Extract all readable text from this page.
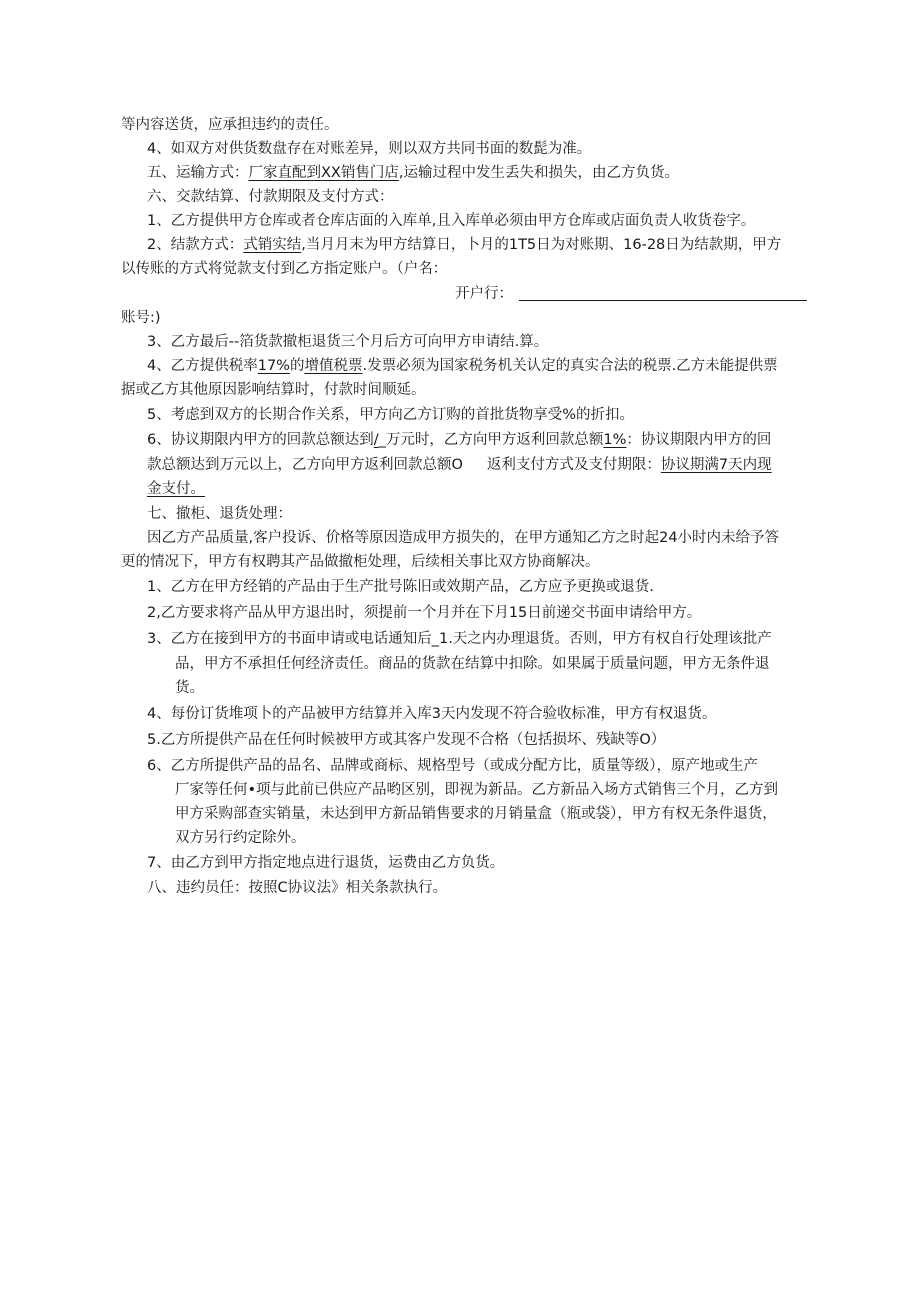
等内容送货，应承担违约的责任。
4、如双方对供货数盘存在对账差异，则以双方共同书面的数髭为准。
五、运输方式：厂家直配到XX销售门店,运输过程中发生丢失和损失，由乙方负货。
六、交款结算、付款期限及支付方式：
1、乙方提供甲方仓库或者仓库店面的入库单,且入库单必须由甲方仓库或店面负责人收货卷字。
2、结款方式：式销实结,当月月末为甲方结算日，卜月的1T5日为对账期、16-28日为结款期，甲方
以传账的方式将觉款支付到乙方指定账户。（户名：
开户行：
账号:)
3、乙方最后--箔货款撤柜退货三个月后方可向甲方申请结.算。
4、乙方提供税率17%的增值税票.发票必须为国家税务机关认定的真实合法的税票.乙方未能提供票
据或乙方其他原因影响结算时，付款时间顺延。
5、考虑到双方的长期合作关系，甲方向乙方订购的首批货物享受%的折扣。
6、协议期限内甲方的回款总额达到/_万元时，乙方向甲方返利回款总额1%：协议期限内甲方的回
款总额达到万元以上，乙方向甲方返利回款总额O 返利支付方式及支付期限：协议期满7天内现
金支付。
七、撤柜、退货处理：
因乙方产品质量,客户投诉、价格等原因造成甲方损失的，在甲方通知乙方之时起24小时内未给予答
更的情况下，甲方有权聘其产品做撤柜处理，后续相关事比双方协商解决。
1、乙方在甲方经销的产品由于生产批号陈旧或效期产品，乙方应予更换或退货.
2,乙方要求将产品从甲方退出时，须提前一个月并在下月15日前递交书面申请给甲方。
3、乙方在接到甲方的书面申请或电话通知后_1.天之内办理退货。否则，甲方有权自行处理该批产
品，甲方不承担任何经济责任。商品的货款在结算中扣除。如果属于质量问题，甲方无条件退
货。
4、每份订货堆项卜的产品被甲方结算并入库3天内发现不符合验收标准，甲方有权退货。
5.乙方所提供产品在任何时候被甲方或其客户发现不合格（包括损坏、残缺等O）
6、乙方所提供产品的品名、品牌或商标、规格型号（或成分配方比，质量等级），原产地或生产
厂家等任何•项与此前已供应产品哟区别，即视为新品。乙方新品入场方式销售三个月，乙方到
甲方采购部查实销量，未达到甲方新品销售要求的月销量盒（瓶或袋），甲方有权无条件退货，
双方另行约定除外。
7、由乙方到甲方指定地点进行退货，运费由乙方负货。
八、违约员任：按照C协议法》相关条款执行。
